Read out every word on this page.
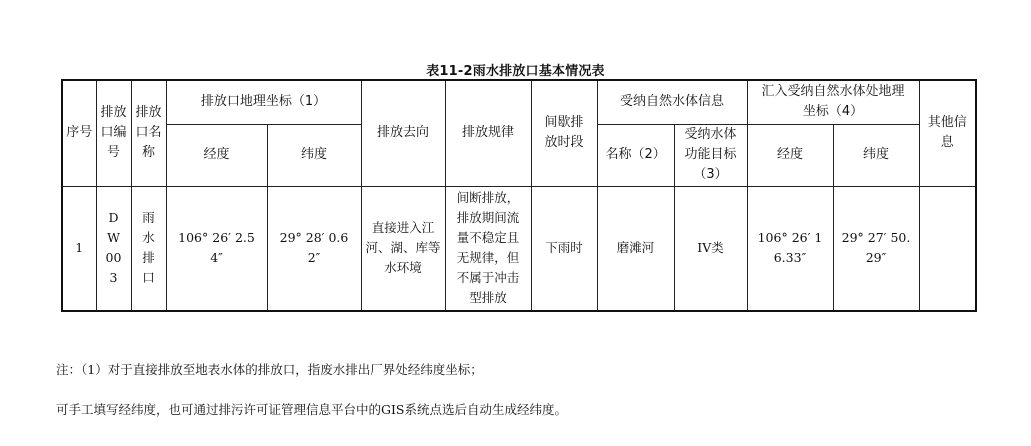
表11-2雨水排放口基本情况表
序号	排放口编号	排放口名称	排放口地理坐标（1）		排放去向	排放规律	间歇排放时段	受纳自然水体信息		汇入受纳自然水体处地理坐标（4）		其他信息
			经度	纬度				名称（2）	受纳水体功能目标（3）	经度	纬度	
1	DW003	雨水排口	106° 26′ 2.54″	29° 28′ 0.62″	直接进入江河、湖、库等水环境	间断排放，排放期间流量不稳定且无规律，但不属于冲击型排放	下雨时	磨滩河	IV类	106° 26′ 16.33″	29° 27′ 50.29″	
注：（1）对于直接排放至地表水体的排放口，指废水排出厂界处经纬度坐标；
可手工填写经纬度，也可通过排污许可证管理信息平台中的GIS系统点选后自动生成经纬度。
